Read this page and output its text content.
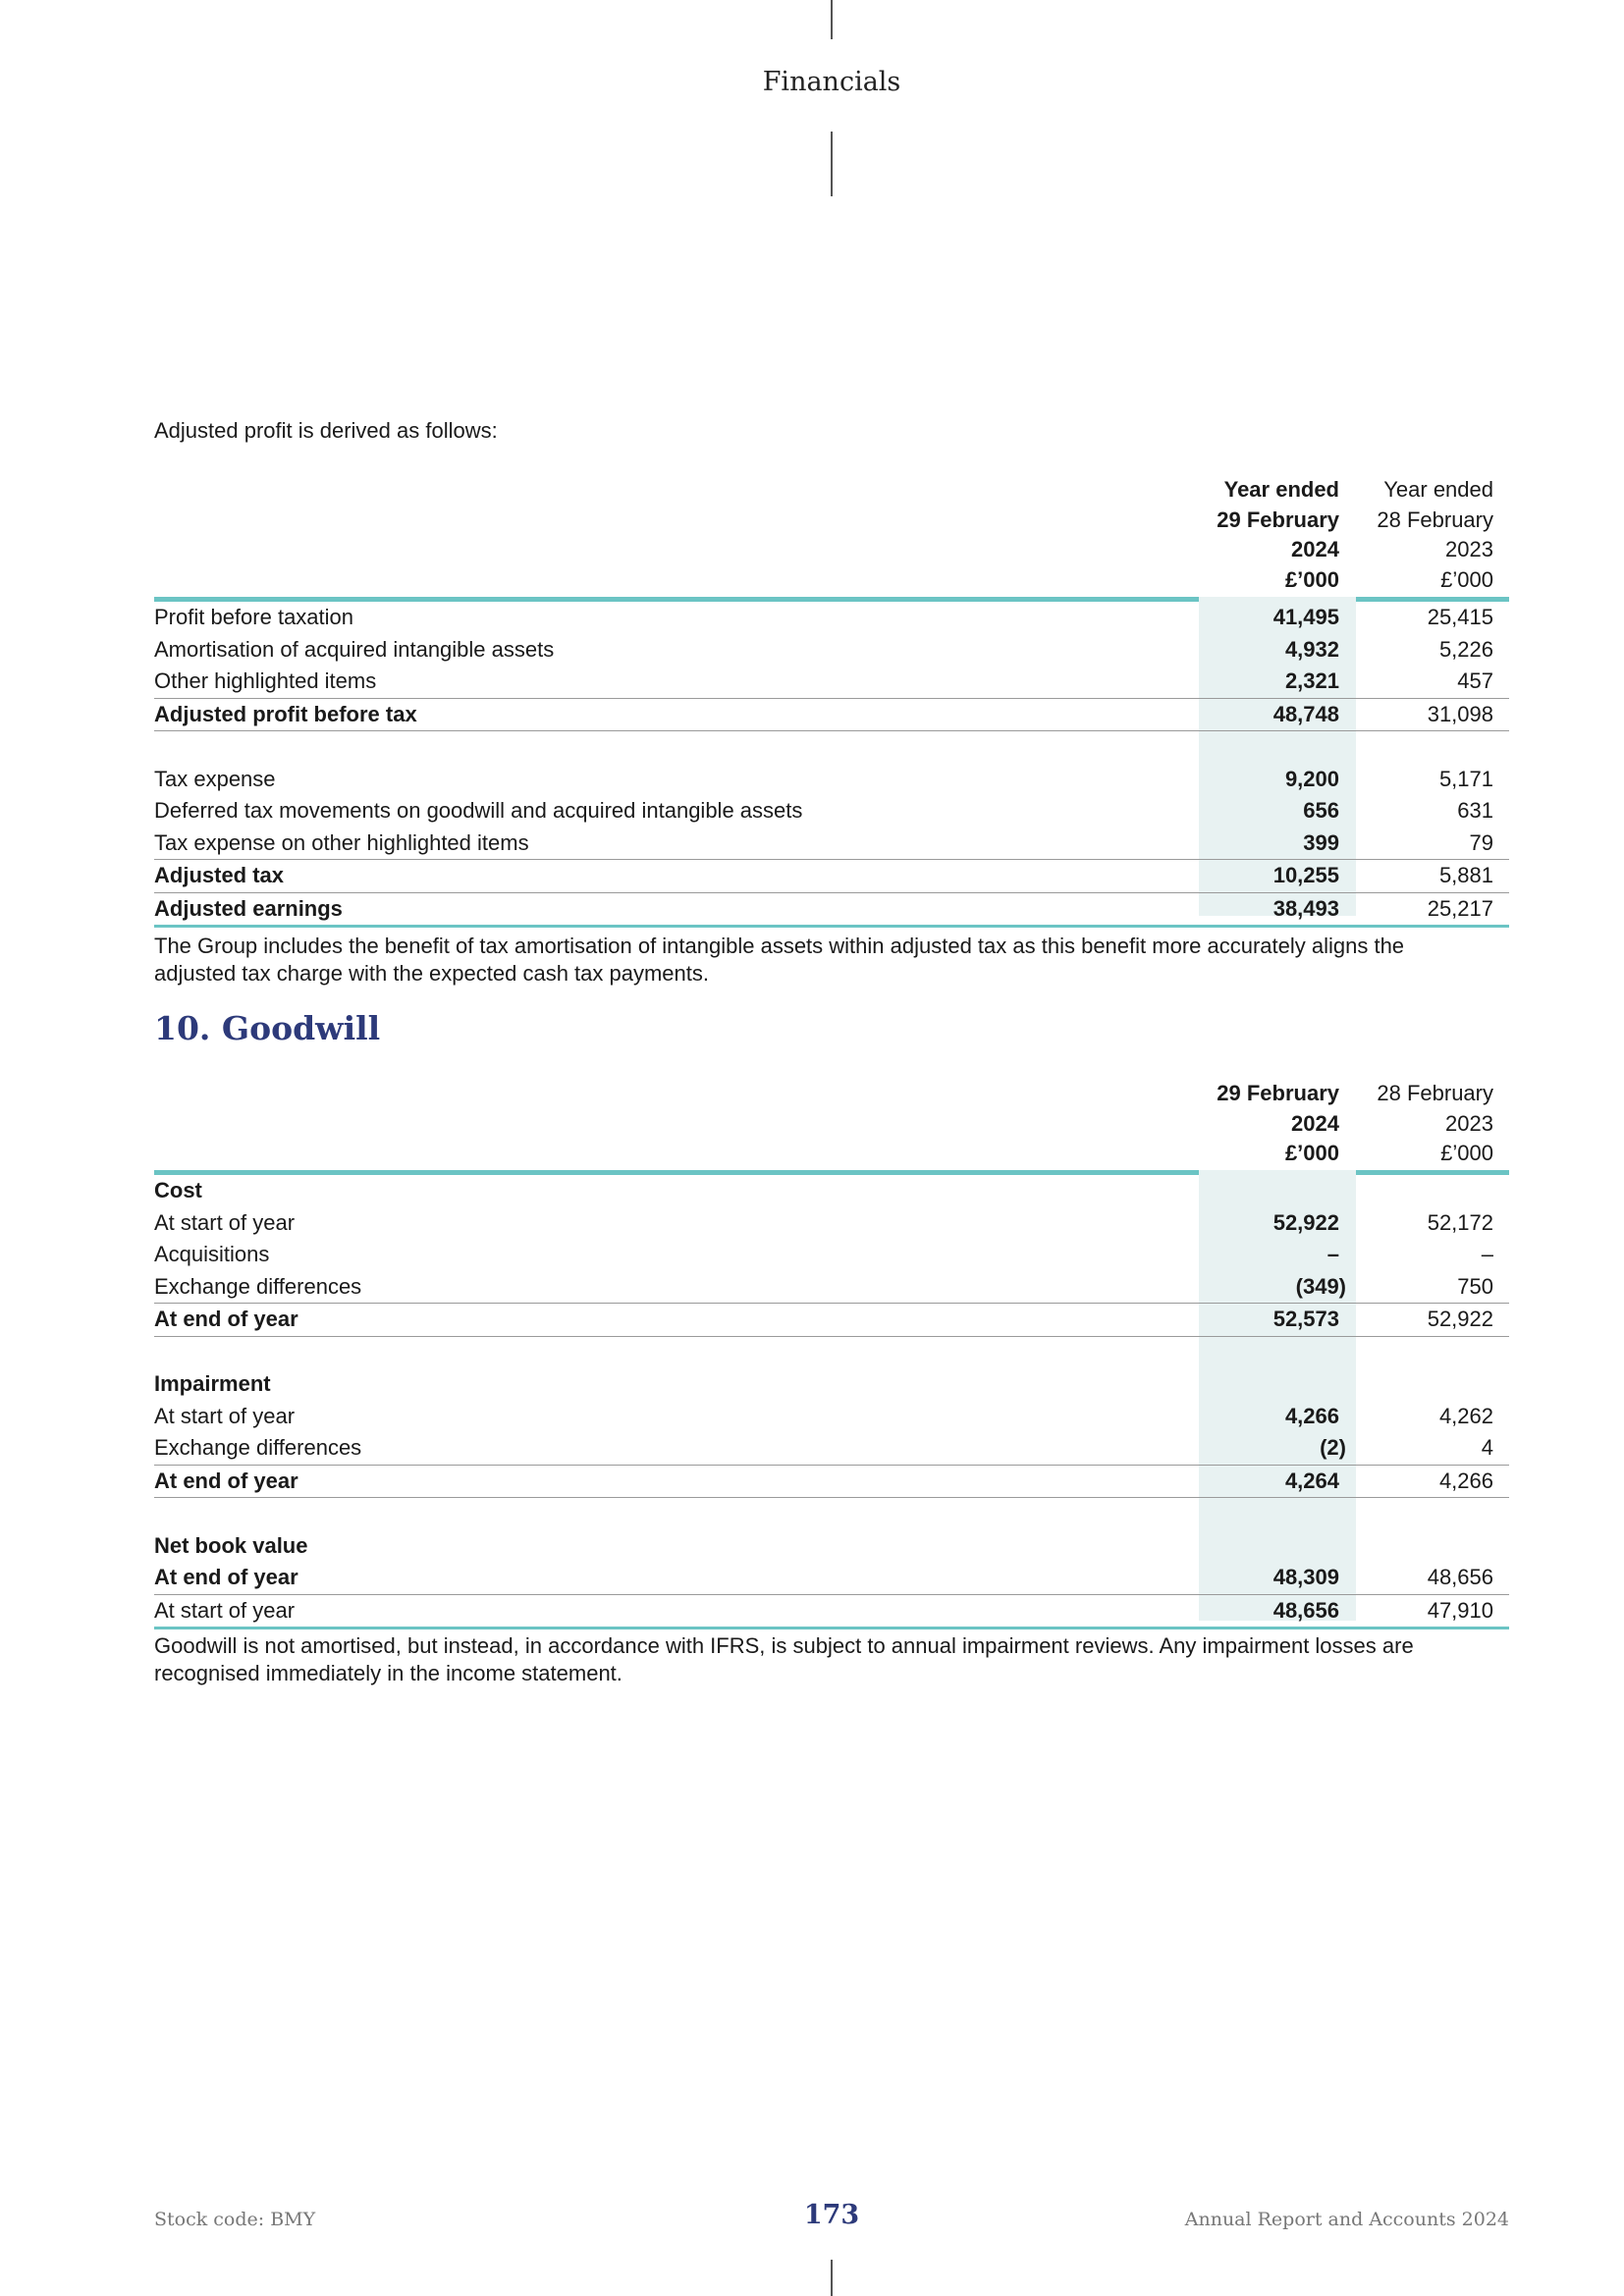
Financials
Adjusted profit is derived as follows:
Year ended
29 February
2024
£’000
Year ended
28 February
2023
£’000
Profit before taxation	41,495	25,415
Amortisation of acquired intangible assets	4,932	5,226
Other highlighted items	2,321	457
Adjusted profit before tax	48,748	31,098
Tax expense	9,200	5,171
Deferred tax movements on goodwill and acquired intangible assets	656	631
Tax expense on other highlighted items	399	79
Adjusted tax	10,255	5,881
Adjusted earnings	38,493	25,217
The Group includes the benefit of tax amortisation of intangible assets within adjusted tax as this benefit more accurately aligns the adjusted tax charge with the expected cash tax payments.
10. Goodwill
29 February
2024
£’000
28 February
2023
£’000
Cost
At start of year	52,922	52,172
Acquisitions	–	–
Exchange differences	(349)	750
At end of year	52,573	52,922
Impairment
At start of year	4,266	4,262
Exchange differences	(2)	4
At end of year	4,264	4,266
Net book value
At end of year	48,309	48,656
At start of year	48,656	47,910
Goodwill is not amortised, but instead, in accordance with IFRS, is subject to annual impairment reviews. Any impairment losses are recognised immediately in the income statement.
Stock code: BMY	173	Annual Report and Accounts 2024
